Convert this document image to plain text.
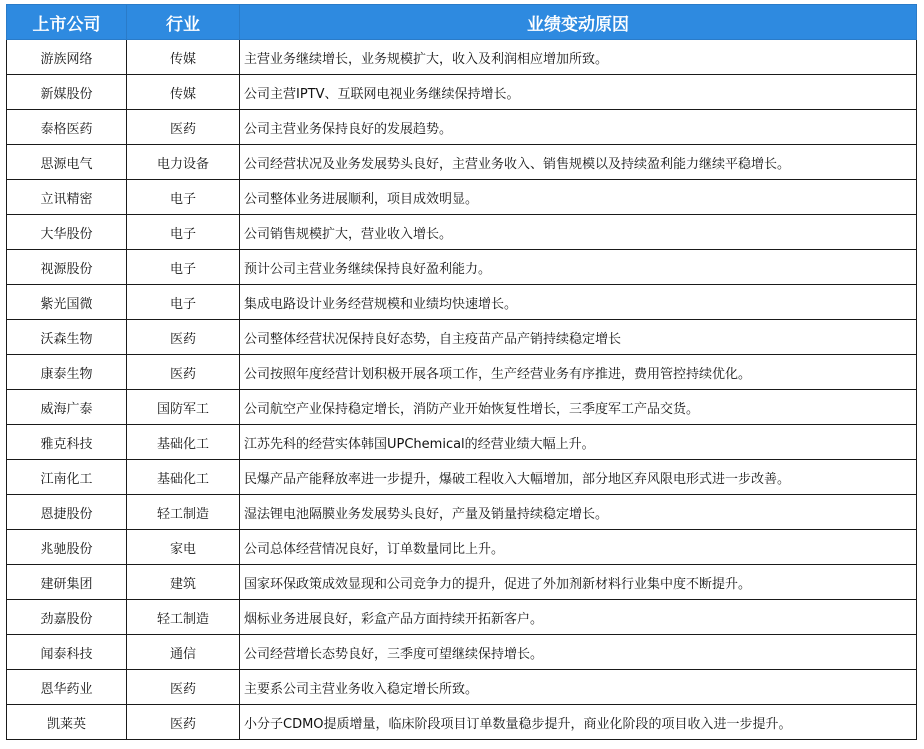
上市公司	行业	业绩变动原因
游族网络	传媒	主营业务继续增长，业务规模扩大，收入及利润相应增加所致。
新媒股份	传媒	公司主营IPTV、互联网电视业务继续保持增长。
泰格医药	医药	公司主营业务保持良好的发展趋势。
思源电气	电力设备	公司经营状况及业务发展势头良好，主营业务收入、销售规模以及持续盈利能力继续平稳增长。
立讯精密	电子	公司整体业务进展顺利，项目成效明显。
大华股份	电子	公司销售规模扩大，营业收入增长。
视源股份	电子	预计公司主营业务继续保持良好盈利能力。
紫光国微	电子	集成电路设计业务经营规模和业绩均快速增长。
沃森生物	医药	公司整体经营状况保持良好态势，自主疫苗产品产销持续稳定增长
康泰生物	医药	公司按照年度经营计划积极开展各项工作，生产经营业务有序推进，费用管控持续优化。
威海广泰	国防军工	公司航空产业保持稳定增长，消防产业开始恢复性增长，三季度军工产品交货。
雅克科技	基础化工	江苏先科的经营实体韩国UPChemical的经营业绩大幅上升。
江南化工	基础化工	民爆产品产能释放率进一步提升，爆破工程收入大幅增加，部分地区弃风限电形式进一步改善。
恩捷股份	轻工制造	湿法锂电池隔膜业务发展势头良好，产量及销量持续稳定增长。
兆驰股份	家电	公司总体经营情况良好，订单数量同比上升。
建研集团	建筑	国家环保政策成效显现和公司竞争力的提升，促进了外加剂新材料行业集中度不断提升。
劲嘉股份	轻工制造	烟标业务进展良好，彩盒产品方面持续开拓新客户。
闻泰科技	通信	公司经营增长态势良好，三季度可望继续保持增长。
恩华药业	医药	主要系公司主营业务收入稳定增长所致。
凯莱英	医药	小分子CDMO提质增量，临床阶段项目订单数量稳步提升，商业化阶段的项目收入进一步提升。
